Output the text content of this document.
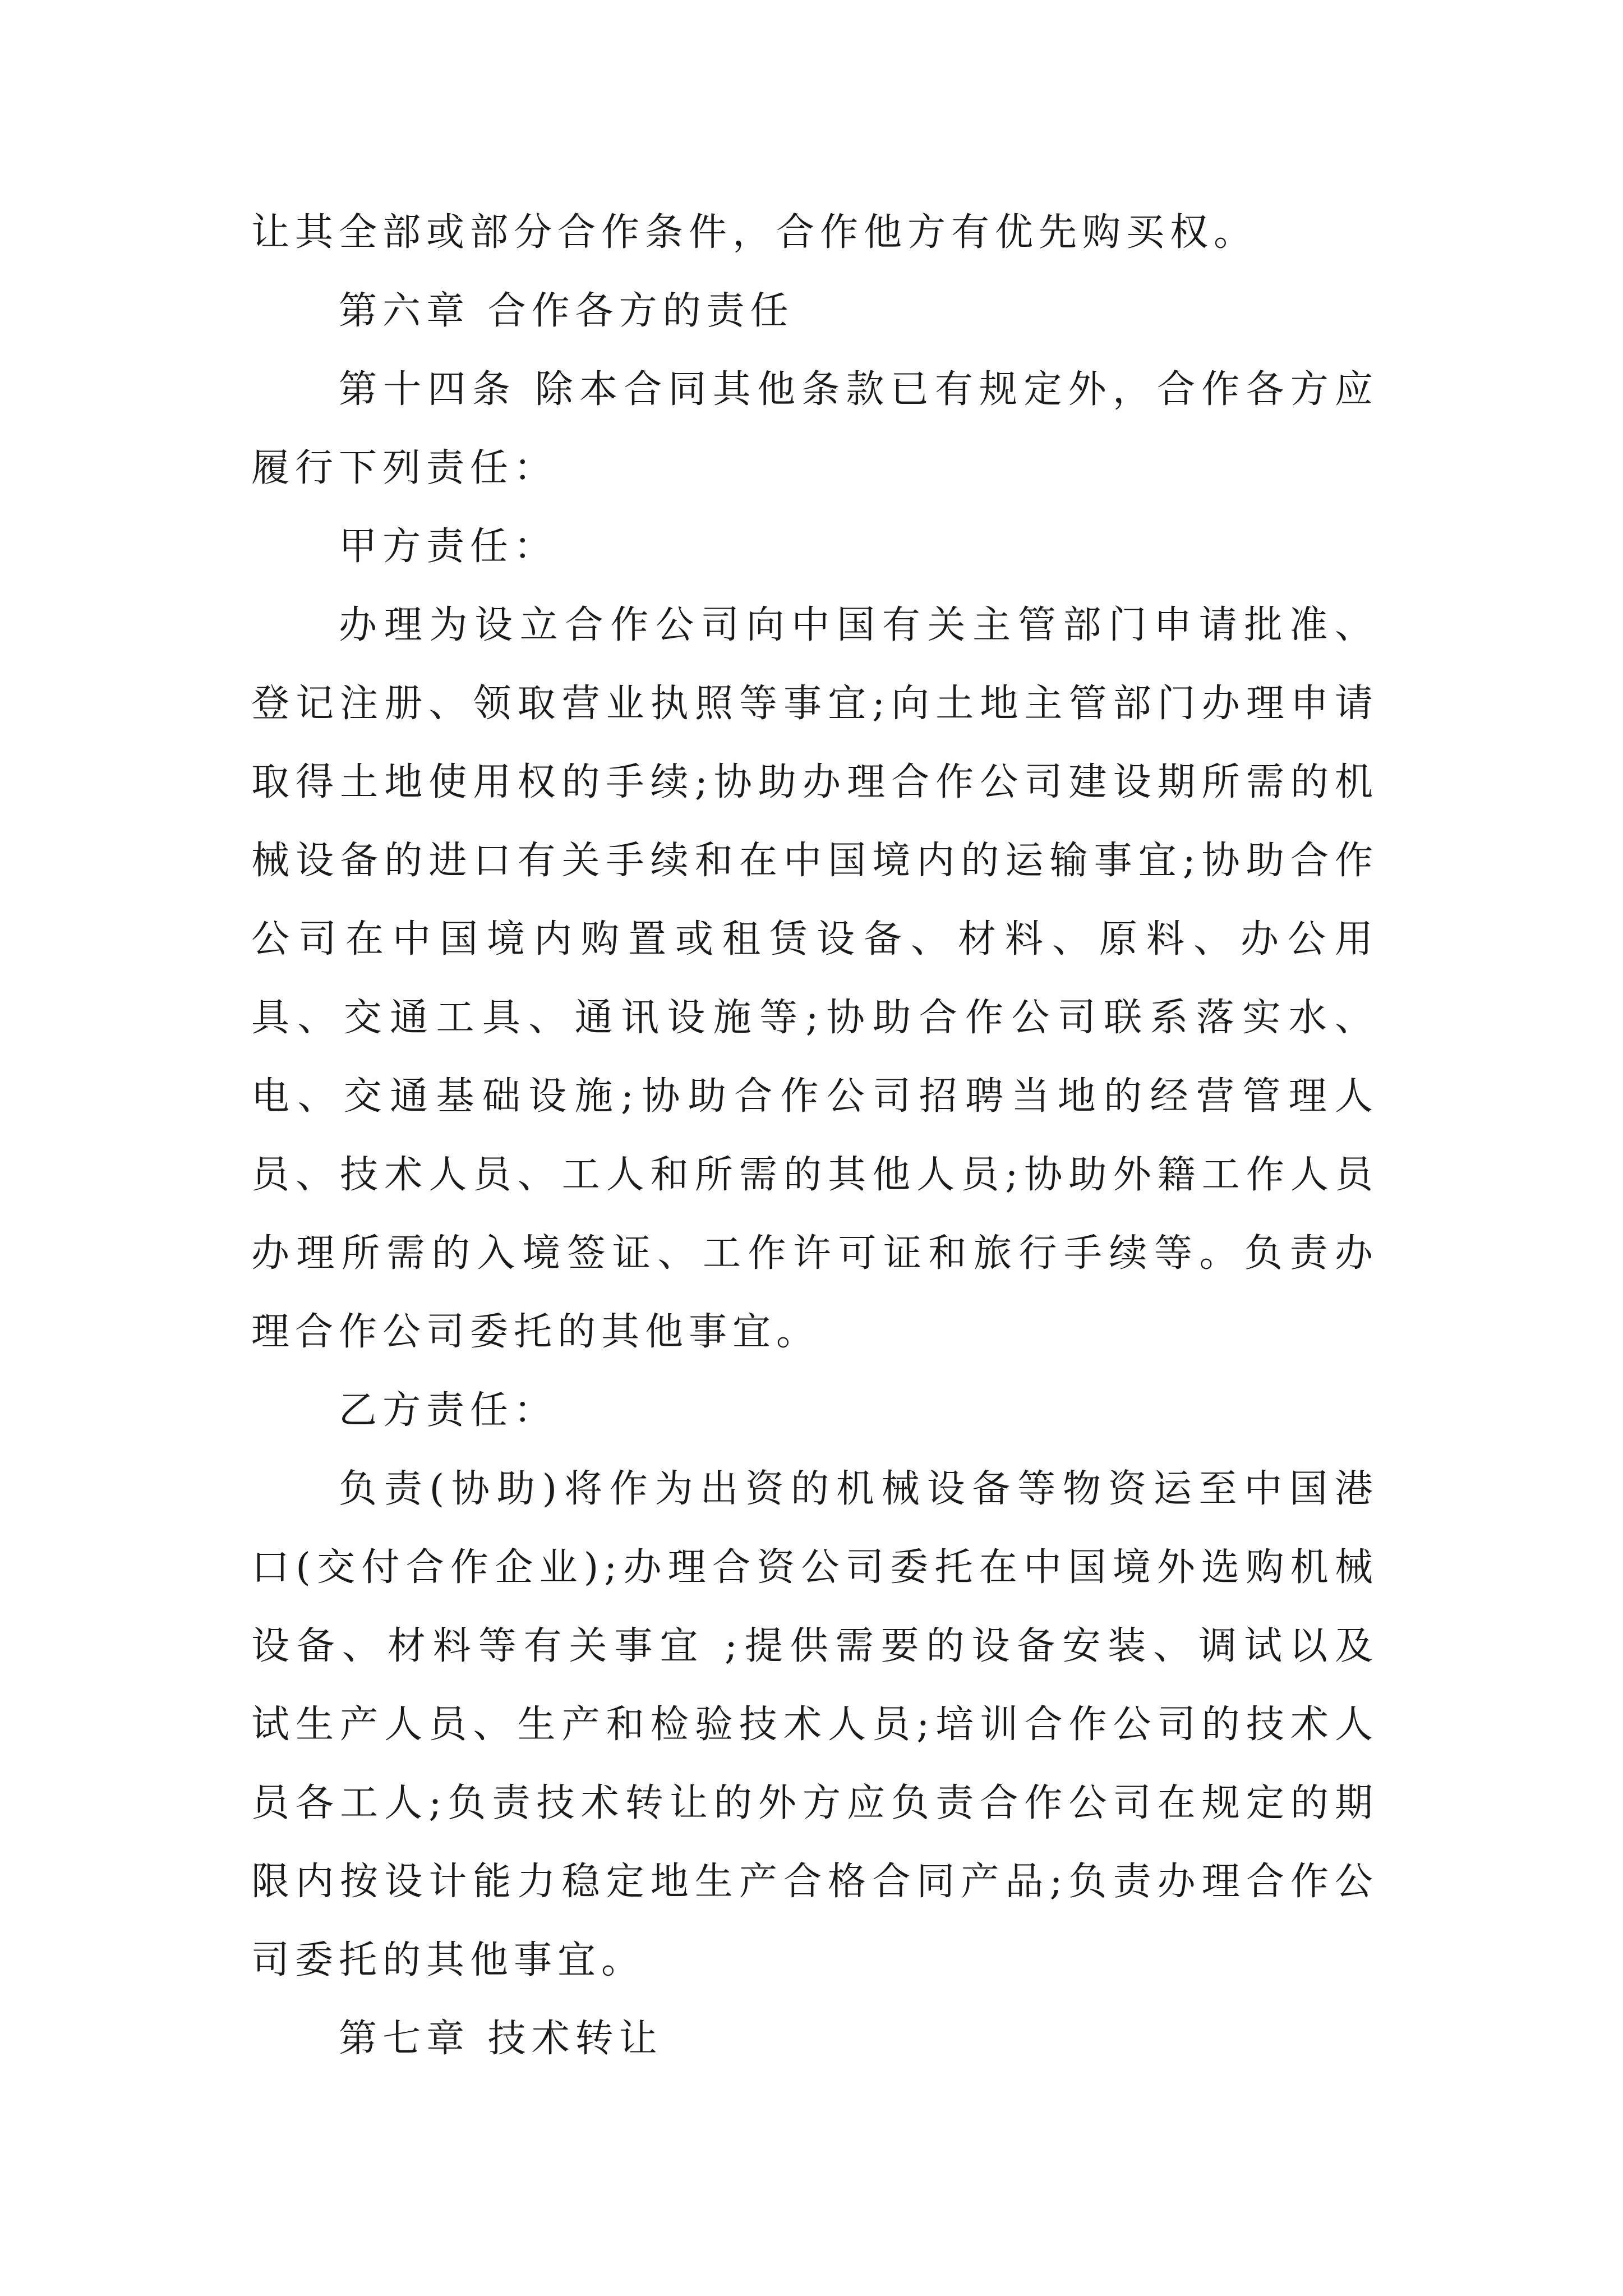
让其全部或部分合作条件，合作他方有优先购买权。

第六章 合作各方的责任

第十四条 除本合同其他条款已有规定外，合作各方应履行下列责任：

甲方责任：

办理为设立合作公司向中国有关主管部门申请批准、登记注册、领取营业执照等事宜;向土地主管部门办理申请取得土地使用权的手续;协助办理合作公司建设期所需的机械设备的进口有关手续和在中国境内的运输事宜;协助合作公司在中国境内购置或租赁设备、材料、原料、办公用具、交通工具、通讯设施等;协助合作公司联系落实水、电、交通基础设施;协助合作公司招聘当地的经营管理人员、技术人员、工人和所需的其他人员;协助外籍工作人员办理所需的入境签证、工作许可证和旅行手续等。负责办理合作公司委托的其他事宜。

乙方责任：

负责(协助)将作为出资的机械设备等物资运至中国港口(交付合作企业);办理合资公司委托在中国境外选购机械设备、材料等有关事宜 ;提供需要的设备安装、调试以及试生产人员、生产和检验技术人员;培训合作公司的技术人员各工人;负责技术转让的外方应负责合作公司在规定的期限内按设计能力稳定地生产合格合同产品;负责办理合作公司委托的其他事宜。

第七章 技术转让
